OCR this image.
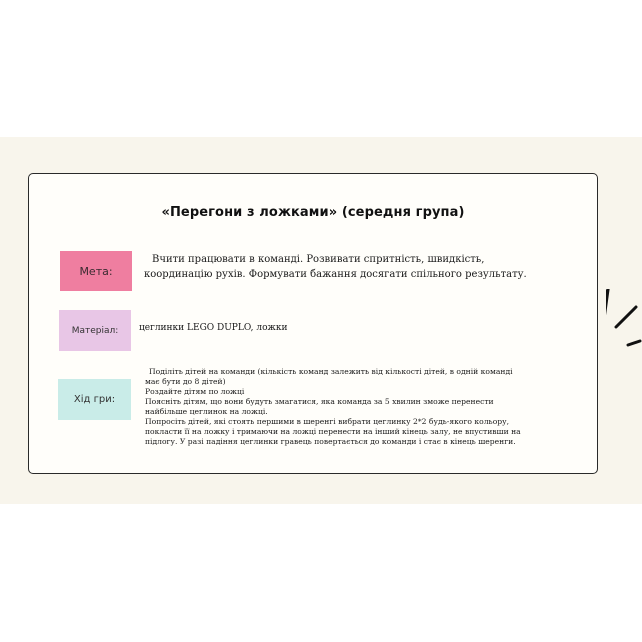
«Перегони з ложками» (середня група)
Мета:
Вчити працювати в команді. Розвивати спритність, швидкість,
координацію рухів. Формувати бажання досягати спільного результату.
Матеріал: цеглинки LEGO DUPLO, ложки
Хід гри:
Поділіть дітей на команди (кількість команд залежить від кількості дітей, в одній команді
має бути до 8 дітей)
Роздайте дітям по ложці
Поясніть дітям, що вони будуть змагатися, яка команда за 5 хвилин зможе перенести
найбільше цеглинок на ложці.
Попросіть дітей, які стоять першими в шеренгі вибрати цеглинку 2*2 будь-якого кольору,
покласти її на ложку і тримаючи на ложці перенести на інший кінець залу, не впустивши на
підлогу. У разі падіння цеглинки гравець повертається до команди і стає в кінець шеренги.
